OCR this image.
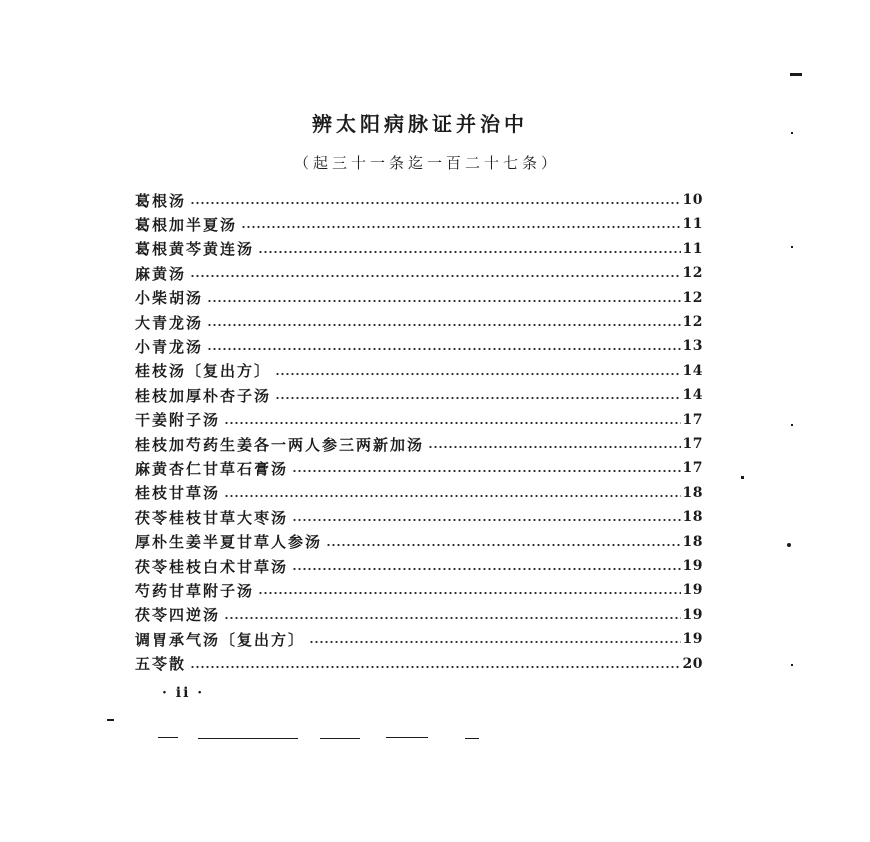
辨太阳病脉证并治中
（起三十一条迄一百二十七条）
葛根汤	10
葛根加半夏汤	11
葛根黄芩黄连汤	11
麻黄汤	12
小柴胡汤	12
大青龙汤	12
小青龙汤	13
桂枝汤〔复出方〕	14
桂枝加厚朴杏子汤	14
干姜附子汤	17
桂枝加芍药生姜各一两人参三两新加汤	17
麻黄杏仁甘草石膏汤	17
桂枝甘草汤	18
茯苓桂枝甘草大枣汤	18
厚朴生姜半夏甘草人参汤	18
茯苓桂枝白术甘草汤	19
芍药甘草附子汤	19
茯苓四逆汤	19
调胃承气汤〔复出方〕	19
五苓散	20
· ii ·
